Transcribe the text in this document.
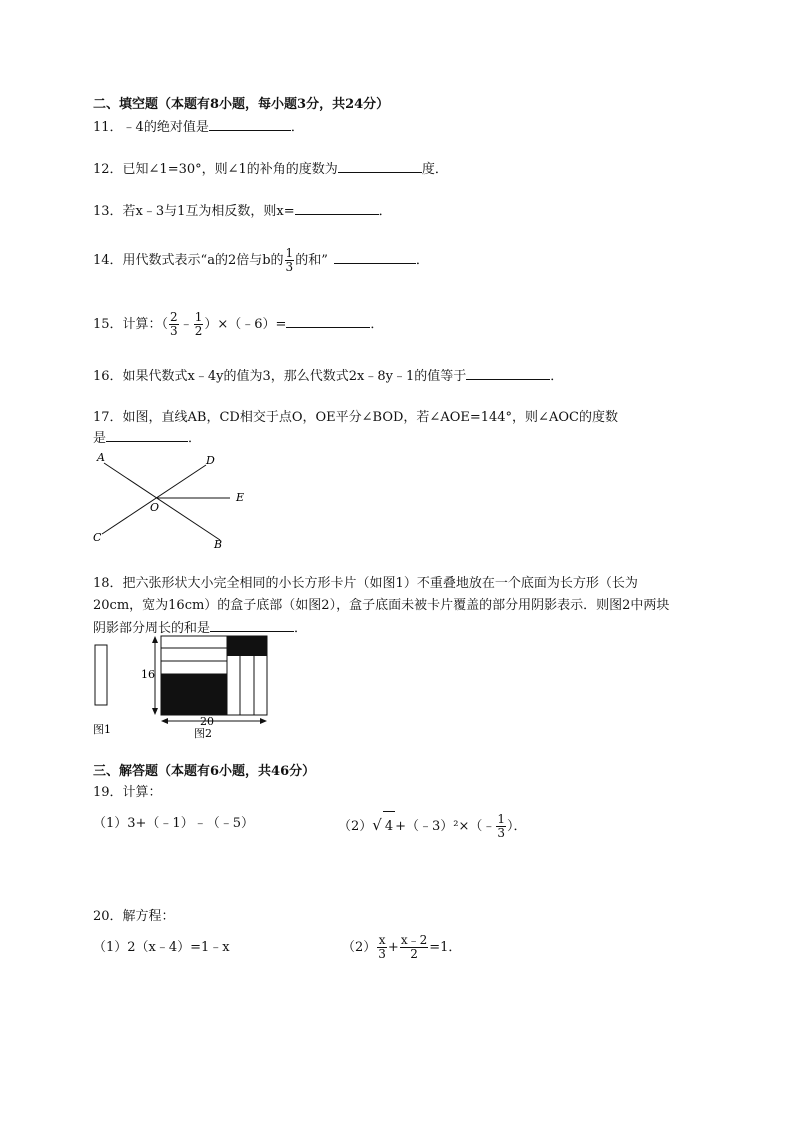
二、填空题（本题有8小题，每小题3分，共24分）
11．﹣4的绝对值是	．
12．已知∠1=30°，则∠1的补角的度数为	度．
13．若x﹣3与1互为相反数，则x=	．
14．用代数式表示“a的2倍与b的 $\frac{1}{3}$ 的和”	．
15．计算：（ $\frac{2}{3}$ ﹣ $\frac{1}{2}$ ）×（﹣6）=	．
16．如果代数式x﹣4y的值为3，那么代数式2x﹣8y﹣1的值等于	．
17．如图，直线AB，CD相交于点O，OE平分∠BOD，若∠AOE=144°，则∠AOC的度数
是	．
A	D
E
O
C
B
18．把六张形状大小完全相同的小长方形卡片（如图1）不重叠地放在一个底面为长方形（长为
20cm，宽为16cm）的盒子底部（如图2），盒子底面未被卡片覆盖的部分用阴影表示．则图2中两块
阴影部分周长的和是	．
图1
16
20
图2
三、解答题（本题有6小题，共46分）
19．计算：
（1）3+（﹣1）﹣（﹣5）	（2）√ 4 +（﹣3）²×（﹣ $\frac{1}{3}$ ）．
20．解方程：
（1）2（x﹣4）=1﹣x	$(2) \frac{x}{3} + \frac{x﹣2}{2} =1$．
